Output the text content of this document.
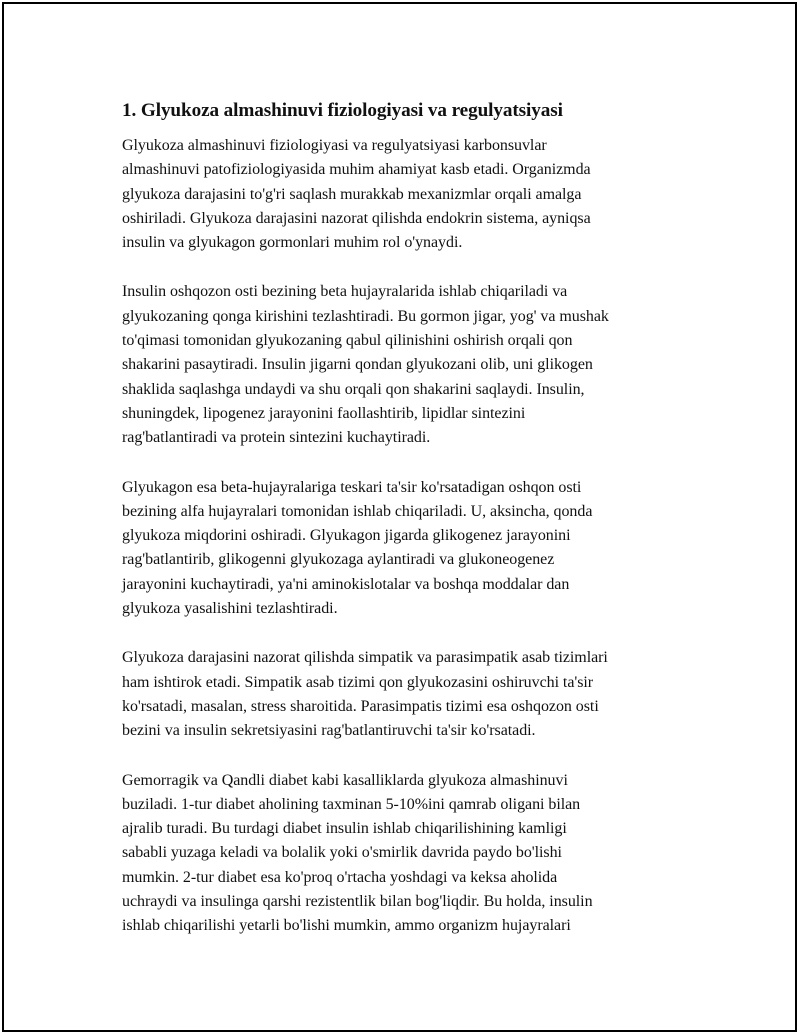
1. Glyukoza almashinuvi fiziologiyasi va regulyatsiyasi

Glyukoza almashinuvi fiziologiyasi va regulyatsiyasi karbonsuvlar
almashinuvi patofiziologiyasida muhim ahamiyat kasb etadi. Organizmda
glyukoza darajasini to'g'ri saqlash murakkab mexanizmlar orqali amalga
oshiriladi. Glyukoza darajasini nazorat qilishda endokrin sistema, ayniqsa
insulin va glyukagon gormonlari muhim rol o'ynaydi.

Insulin oshqozon osti bezining beta hujayralarida ishlab chiqariladi va
glyukozaning qonga kirishini tezlashtiradi. Bu gormon jigar, yog' va mushak
to'qimasi tomonidan glyukozaning qabul qilinishini oshirish orqali qon
shakarini pasaytiradi. Insulin jigarni qondan glyukozani olib, uni glikogen
shaklida saqlashga undaydi va shu orqali qon shakarini saqlaydi. Insulin,
shuningdek, lipogenez jarayonini faollashtirib, lipidlar sintezini
rag'batlantiradi va protein sintezini kuchaytiradi.

Glyukagon esa beta-hujayralariga teskari ta'sir ko'rsatadigan oshqon osti
bezining alfa hujayralari tomonidan ishlab chiqariladi. U, aksincha, qonda
glyukoza miqdorini oshiradi. Glyukagon jigarda glikogenez jarayonini
rag'batlantirib, glikogenni glyukozaga aylantiradi va glukoneogenez
jarayonini kuchaytiradi, ya'ni aminokislotalar va boshqa moddalar dan
glyukoza yasalishini tezlashtiradi.

Glyukoza darajasini nazorat qilishda simpatik va parasimpatik asab tizimlari
ham ishtirok etadi. Simpatik asab tizimi qon glyukozasini oshiruvchi ta'sir
ko'rsatadi, masalan, stress sharoitida. Parasimpatis tizimi esa oshqozon osti
bezini va insulin sekretsiyasini rag'batlantiruvchi ta'sir ko'rsatadi.

Gemorragik va Qandli diabet kabi kasalliklarda glyukoza almashinuvi
buziladi. 1-tur diabet aholining taxminan 5-10%ini qamrab oligani bilan
ajralib turadi. Bu turdagi diabet insulin ishlab chiqarilishining kamligi
sababli yuzaga keladi va bolalik yoki o'smirlik davrida paydo bo'lishi
mumkin. 2-tur diabet esa ko'proq o'rtacha yoshdagi va keksa aholida
uchraydi va insulinga qarshi rezistentlik bilan bog'liqdir. Bu holda, insulin
ishlab chiqarilishi yetarli bo'lishi mumkin, ammo organizm hujayralari
